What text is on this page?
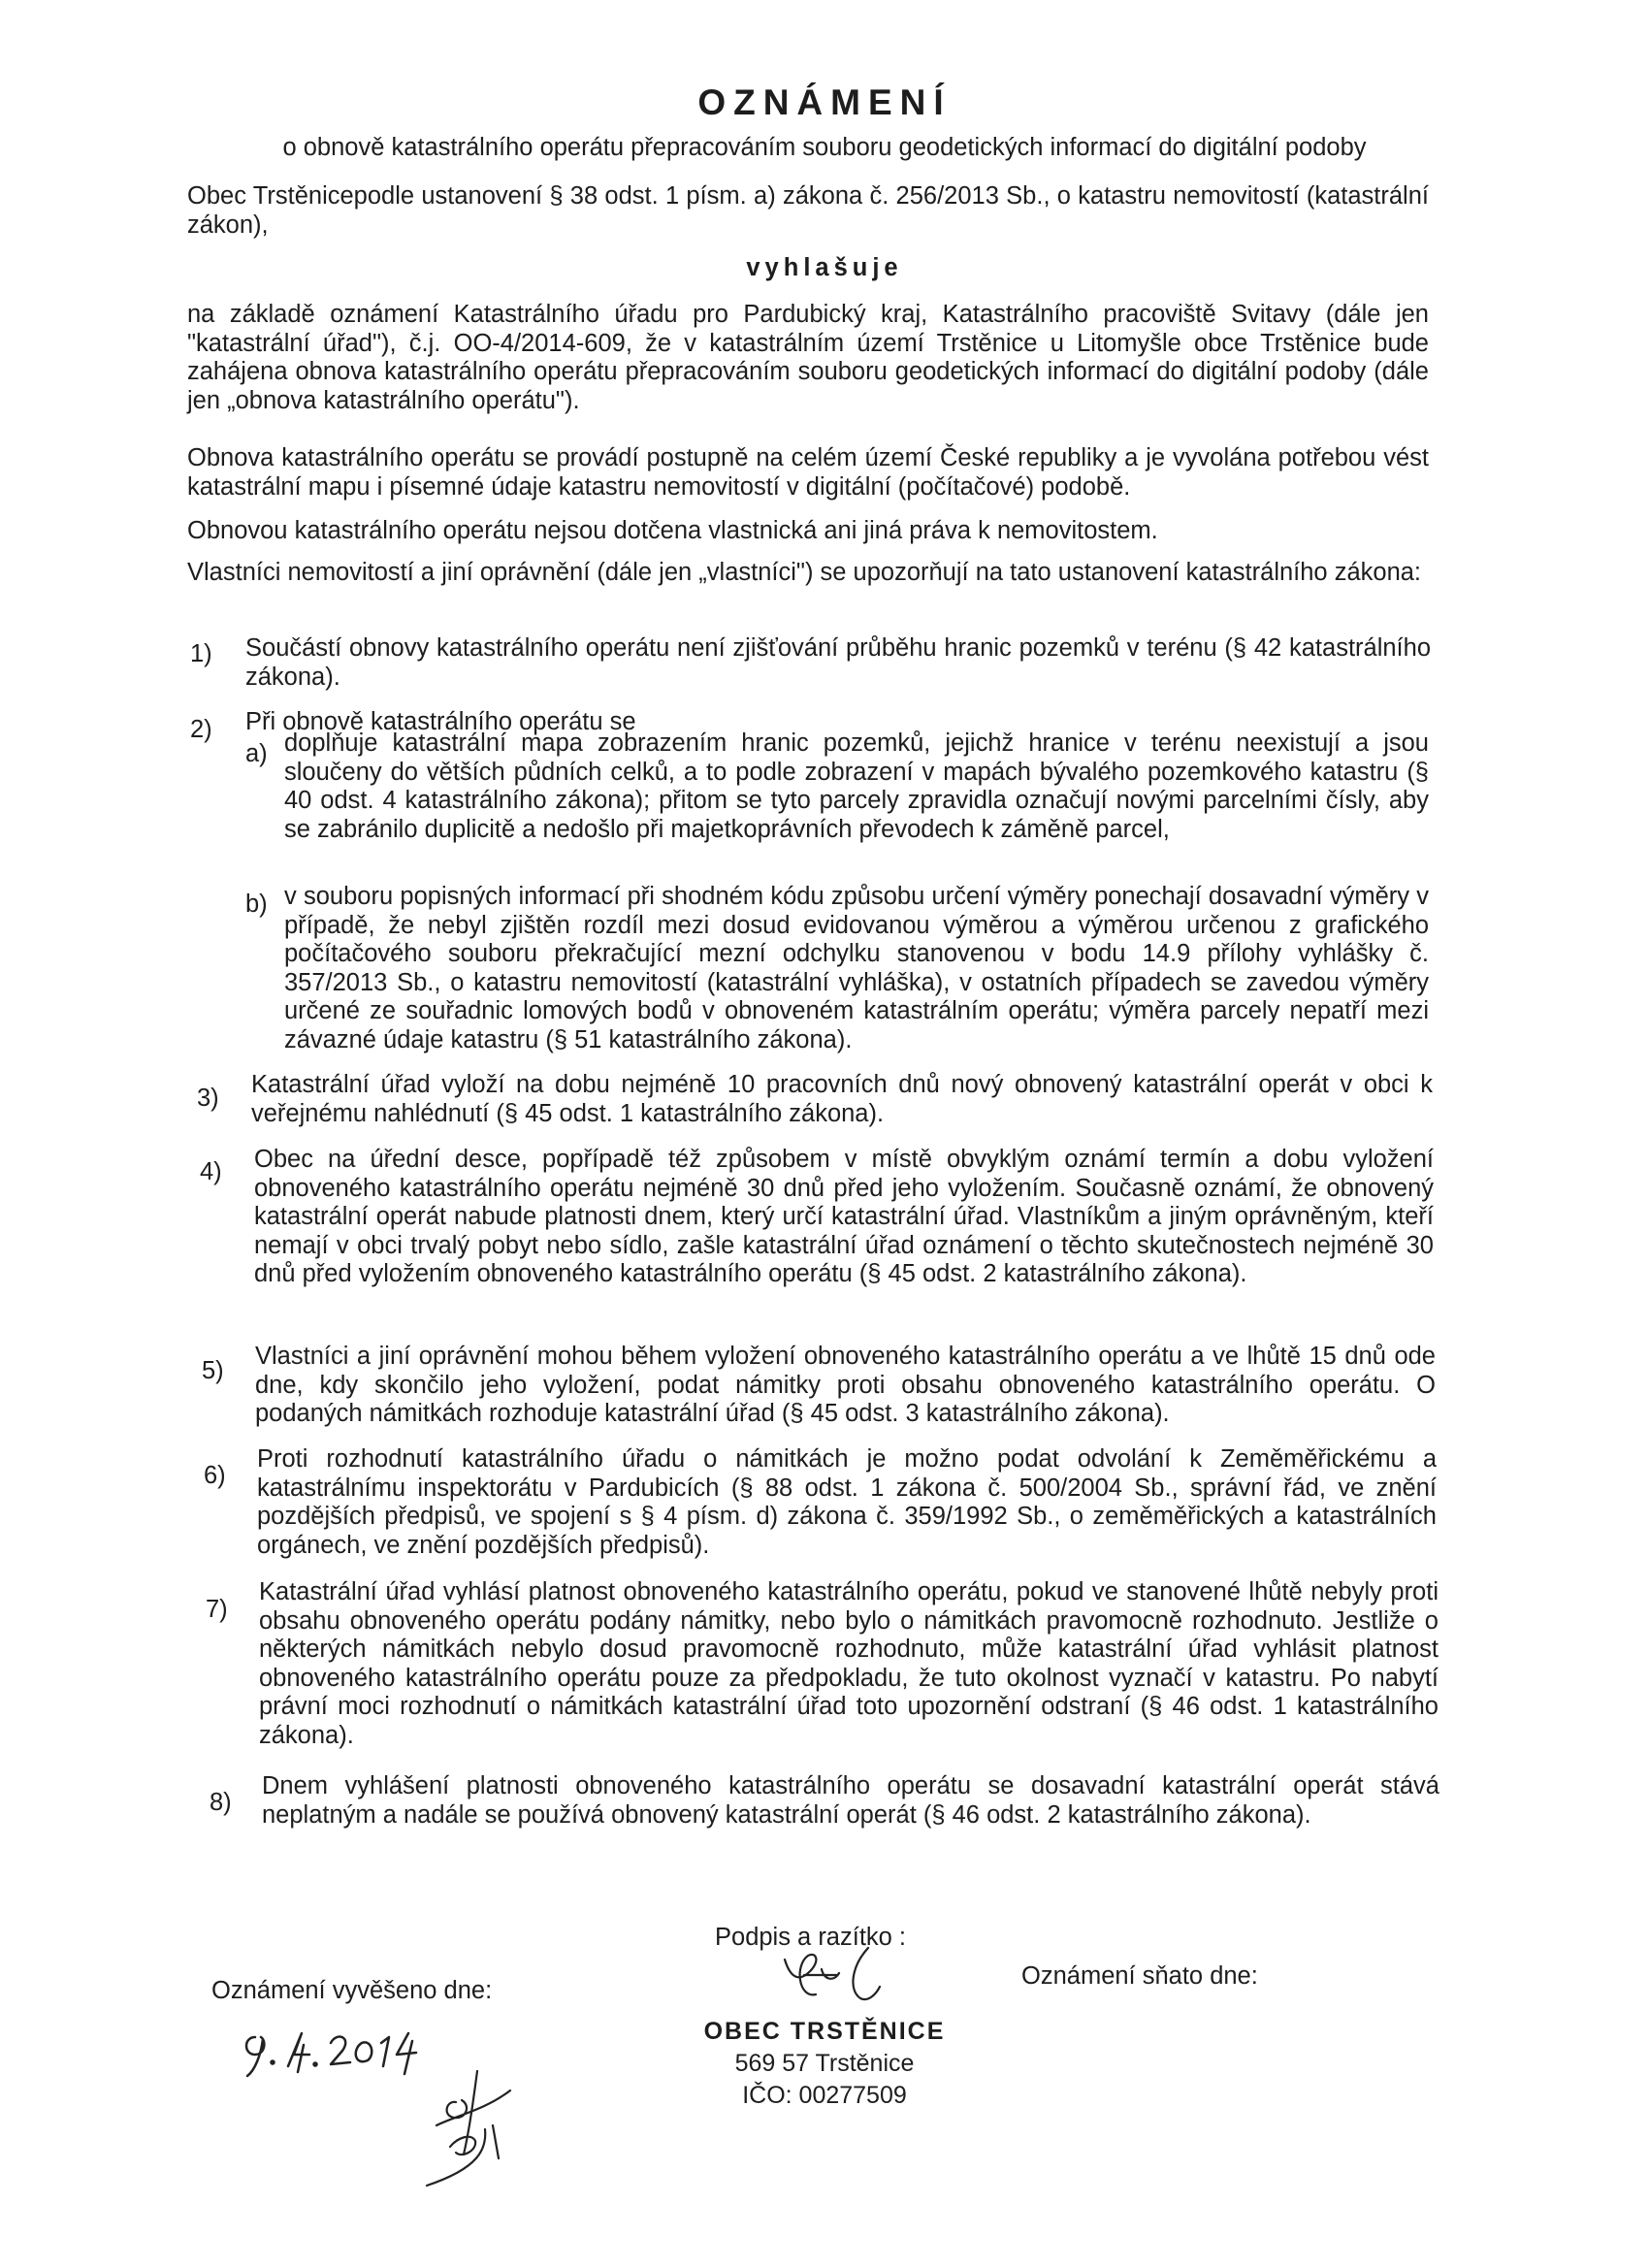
OZNÁMENÍ
o obnově katastrálního operátu přepracováním souboru geodetických informací do digitální podoby
Obec Trstěnicepodle ustanovení § 38 odst. 1 písm. a) zákona č. 256/2013 Sb., o katastru nemovitostí (katastrální zákon),
vyhlašuje
na základě oznámení Katastrálního úřadu pro Pardubický kraj, Katastrálního pracoviště Svitavy (dále jen "katastrální úřad"), č.j. OO-4/2014-609, že v katastrálním území Trstěnice u Litomyšle obce Trstěnice bude zahájena obnova katastrálního operátu přepracováním souboru geodetických informací do digitální podoby (dále jen „obnova katastrálního operátu").
Obnova katastrálního operátu se provádí postupně na celém území České republiky a je vyvolána potřebou vést katastrální mapu i písemné údaje katastru nemovitostí v digitální (počítačové) podobě.
Obnovou katastrálního operátu nejsou dotčena vlastnická ani jiná práva k nemovitostem.
Vlastníci nemovitostí a jiní oprávnění (dále jen „vlastníci") se upozorňují na tato ustanovení katastrálního zákona:
1) Součástí obnovy katastrálního operátu není zjišťování průběhu hranic pozemků v terénu (§ 42 katastrálního zákona).
2) Při obnově katastrálního operátu se
a) doplňuje katastrální mapa zobrazením hranic pozemků, jejichž hranice v terénu neexistují a jsou sloučeny do větších půdních celků, a to podle zobrazení v mapách bývalého pozemkového katastru (§ 40 odst. 4 katastrálního zákona); přitom se tyto parcely zpravidla označují novými parcelními čísly, aby se zabránilo duplicitě a nedošlo při majetkoprávních převodech k záměně parcel,
b) v souboru popisných informací při shodném kódu způsobu určení výměry ponechají dosavadní výměry v případě, že nebyl zjištěn rozdíl mezi dosud evidovanou výměrou a výměrou určenou z grafického počítačového souboru překračující mezní odchylku stanovenou v bodu 14.9 přílohy vyhlášky č. 357/2013 Sb., o katastru nemovitostí (katastrální vyhláška), v ostatních případech se zavedou výměry určené ze souřadnic lomových bodů v obnoveném katastrálním operátu; výměra parcely nepatří mezi závazné údaje katastru (§ 51 katastrálního zákona).
3) Katastrální úřad vyloží na dobu nejméně 10 pracovních dnů nový obnovený katastrální operát v obci k veřejnému nahlédnutí (§ 45 odst. 1 katastrálního zákona).
4) Obec na úřední desce, popřípadě též způsobem v místě obvyklým oznámí termín a dobu vyložení obnoveného katastrálního operátu nejméně 30 dnů před jeho vyložením. Současně oznámí, že obnovený katastrální operát nabude platnosti dnem, který určí katastrální úřad. Vlastníkům a jiným oprávněným, kteří nemají v obci trvalý pobyt nebo sídlo, zašle katastrální úřad oznámení o těchto skutečnostech nejméně 30 dnů před vyložením obnoveného katastrálního operátu (§ 45 odst. 2 katastrálního zákona).
5)
Vlastníci a jiní oprávnění mohou během vyložení obnoveného katastrálního operátu a ve lhůtě 15 dnů ode dne, kdy skončilo jeho vyložení, podat námitky proti obsahu obnoveného katastrálního operátu. O podaných námitkách rozhoduje katastrální úřad (§ 45 odst. 3 katastrálního zákona).
6)
Proti rozhodnutí katastrálního úřadu o námitkách je možno podat odvolání k Zeměměřickému a katastrálnímu inspektorátu v Pardubicích (§ 88 odst. 1 zákona č. 500/2004 Sb., správní řád, ve znění pozdějších předpisů, ve spojení s § 4 písm. d) zákona č. 359/1992 Sb., o zeměměřických a katastrálních orgánech, ve znění pozdějších předpisů).
7)
Katastrální úřad vyhlásí platnost obnoveného katastrálního operátu, pokud ve stanovené lhůtě nebyly proti obsahu obnoveného operátu podány námitky, nebo bylo o námitkách pravomocně rozhodnuto. Jestliže o některých námitkách nebylo dosud pravomocně rozhodnuto, může katastrální úřad vyhlásit platnost obnoveného katastrálního operátu pouze za předpokladu, že tuto okolnost vyznačí v katastru. Po nabytí právní moci rozhodnutí o námitkách katastrální úřad toto upozornění odstraní (§ 46 odst. 1 katastrálního zákona).
8)
Dnem vyhlášení platnosti obnoveného katastrálního operátu se dosavadní katastrální operát stává neplatným a nadále se používá obnovený katastrální operát (§ 46 odst. 2 katastrálního zákona).
Podpis a razítko :
Oznámení vyvěšeno dne:
Oznámení sňato dne:
OBEC TRSTĚNICE
569 57 Trstěnice
IČO: 00277509
